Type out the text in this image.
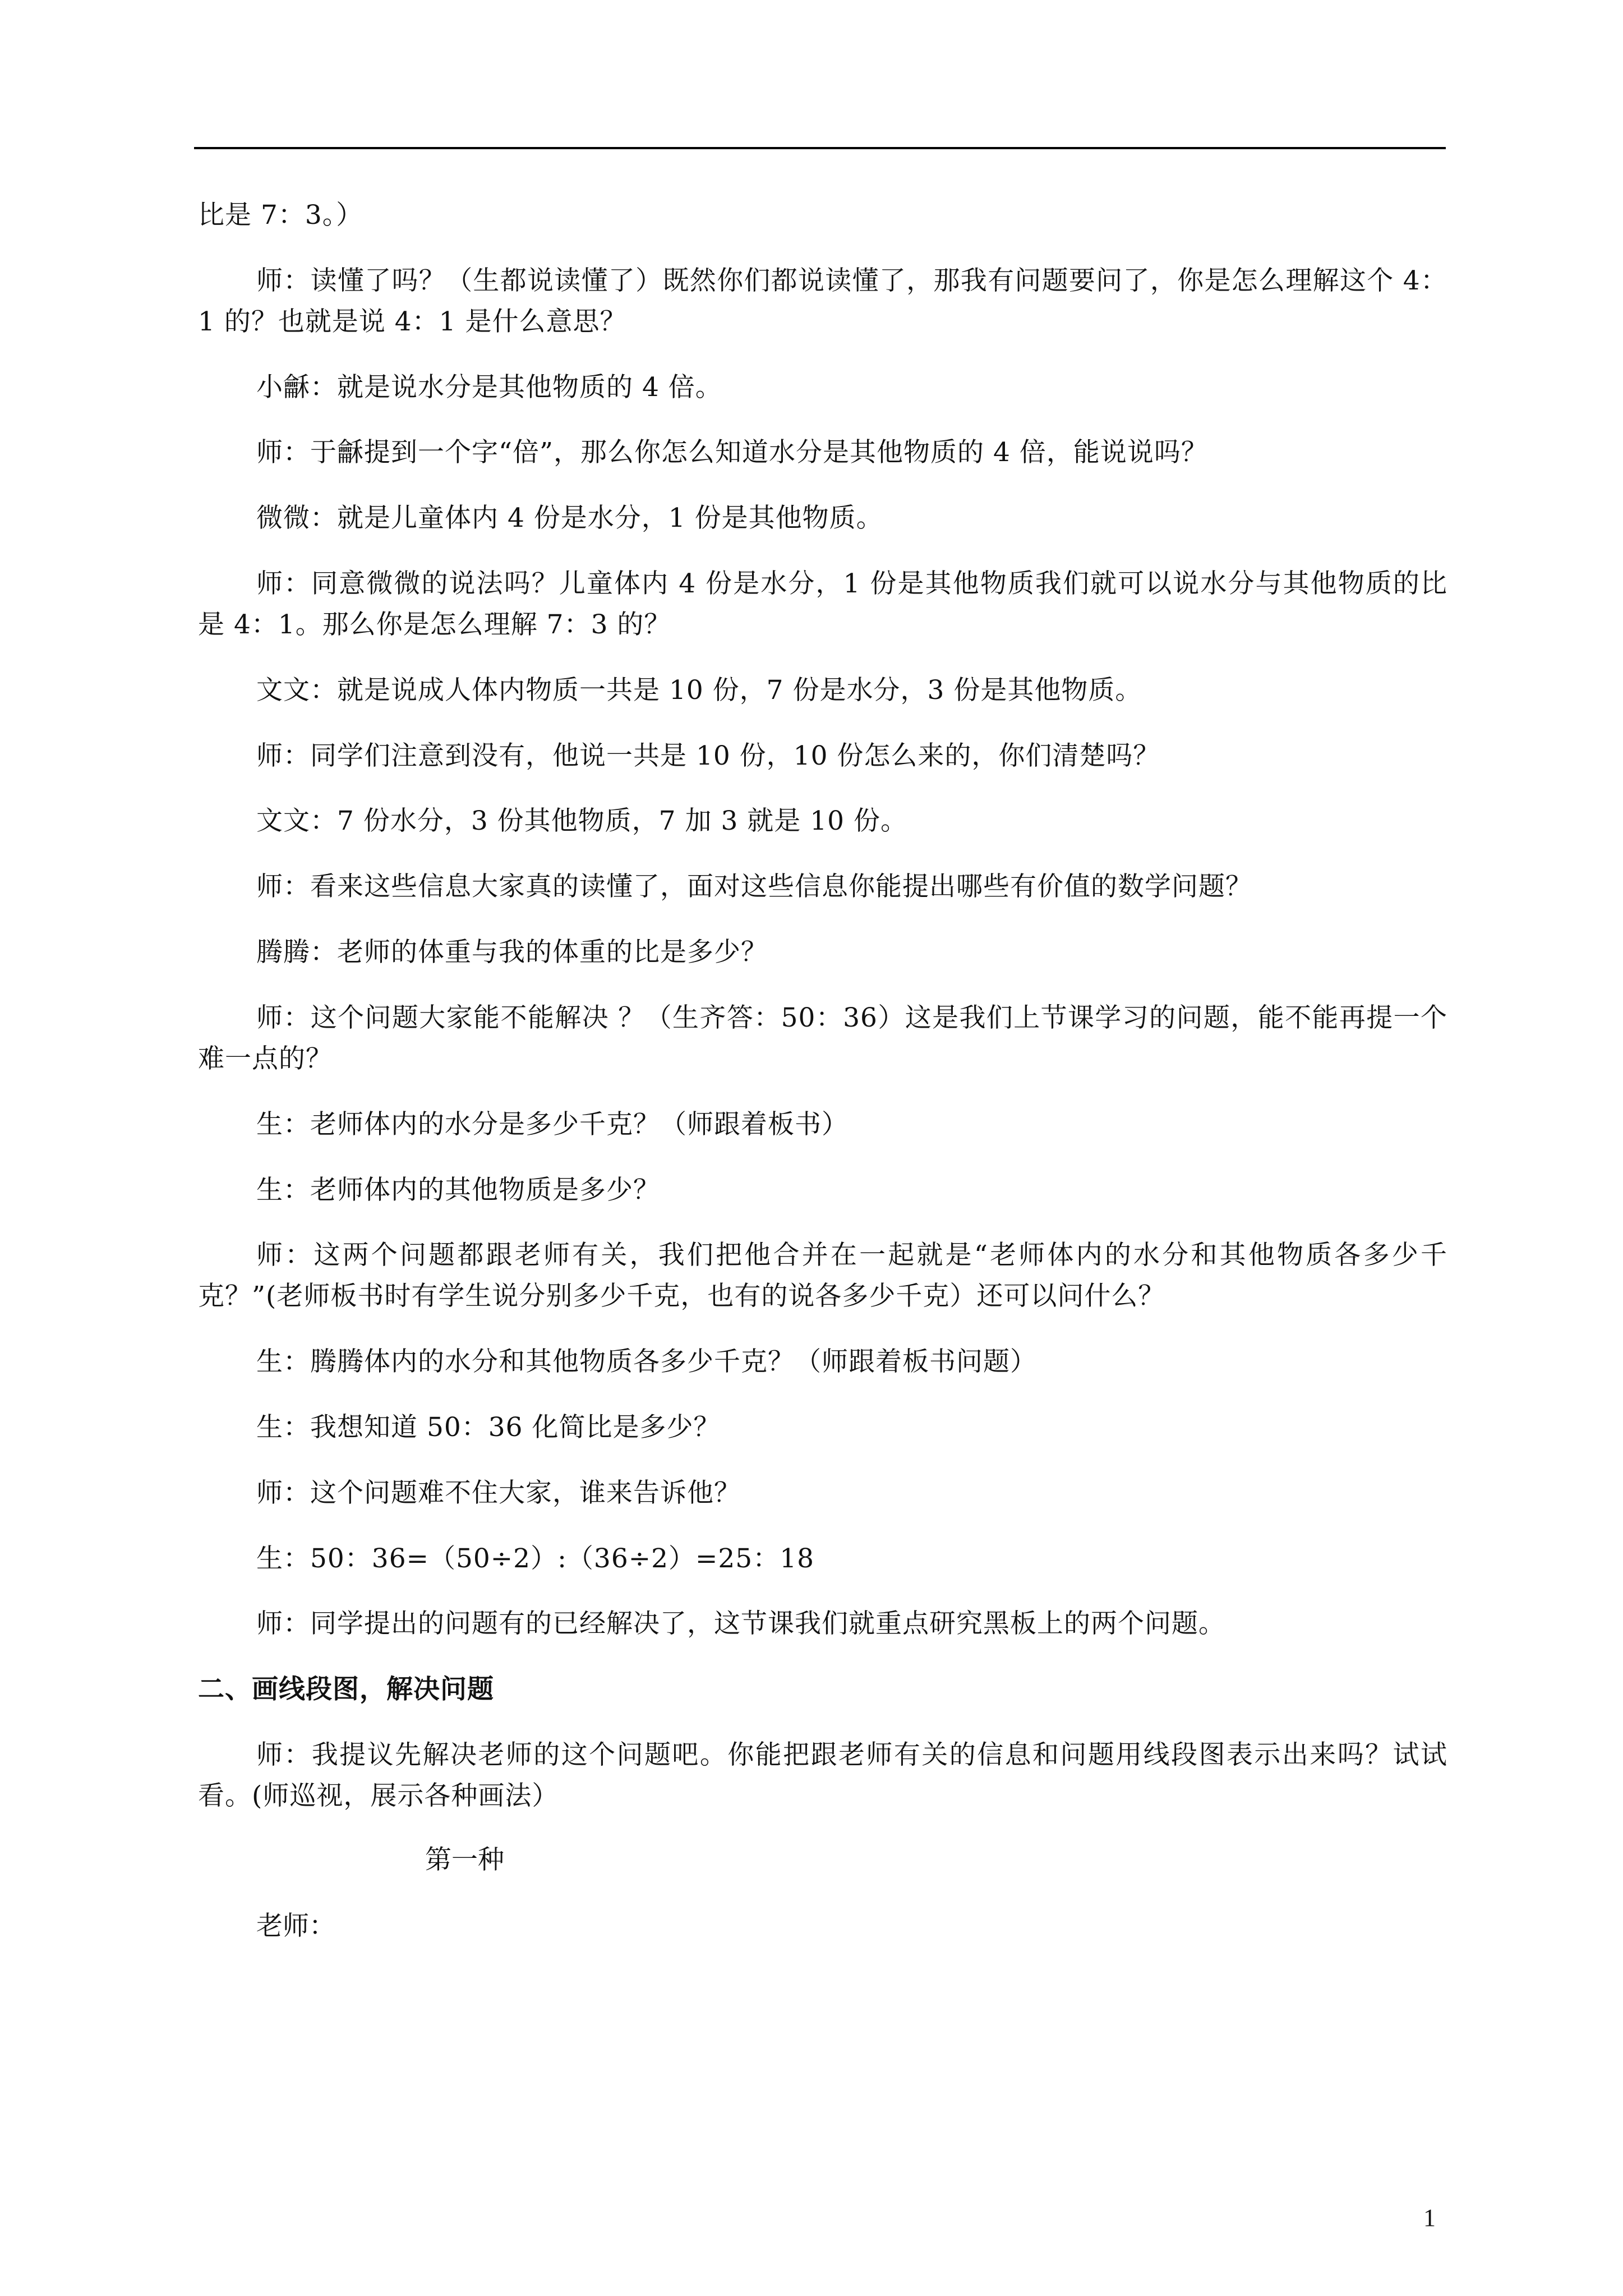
比是 7：3。）

师：读懂了吗？（生都说读懂了）既然你们都说读懂了，那我有问题要问了，你是怎么理解这个 4：1 的？也就是说 4：1 是什么意思？

小龢：就是说水分是其他物质的 4 倍。

师：于龢提到一个字“倍”，那么你怎么知道水分是其他物质的 4 倍，能说说吗？

微微：就是儿童体内 4 份是水分，1 份是其他物质。

师：同意微微的说法吗？儿童体内 4 份是水分，1 份是其他物质我们就可以说水分与其他物质的比是 4：1。那么你是怎么理解 7：3 的？

文文：就是说成人体内物质一共是 10 份，7 份是水分，3 份是其他物质。

师：同学们注意到没有，他说一共是 10 份，10 份怎么来的，你们清楚吗？

文文：7 份水分，3 份其他物质，7 加 3 就是 10 份。

师：看来这些信息大家真的读懂了，面对这些信息你能提出哪些有价值的数学问题？

腾腾：老师的体重与我的体重的比是多少？

师：这个问题大家能不能解决 ？（生齐答：50：36）这是我们上节课学习的问题，能不能再提一个难一点的？

生：老师体内的水分是多少千克？（师跟着板书）

生：老师体内的其他物质是多少？

师：这两个问题都跟老师有关，我们把他合并在一起就是“老师体内的水分和其他物质各多少千克？”(老师板书时有学生说分别多少千克，也有的说各多少千克）还可以问什么？

生：腾腾体内的水分和其他物质各多少千克？（师跟着板书问题）

生：我想知道 50：36 化简比是多少？

师：这个问题难不住大家，谁来告诉他？

生：50：36=（50÷2）:（36÷2）=25：18

师：同学提出的问题有的已经解决了，这节课我们就重点研究黑板上的两个问题。

二、画线段图，解决问题

师：我提议先解决老师的这个问题吧。你能把跟老师有关的信息和问题用线段图表示出来吗？试试看。(师巡视，展示各种画法）

第一种
老师：
1
